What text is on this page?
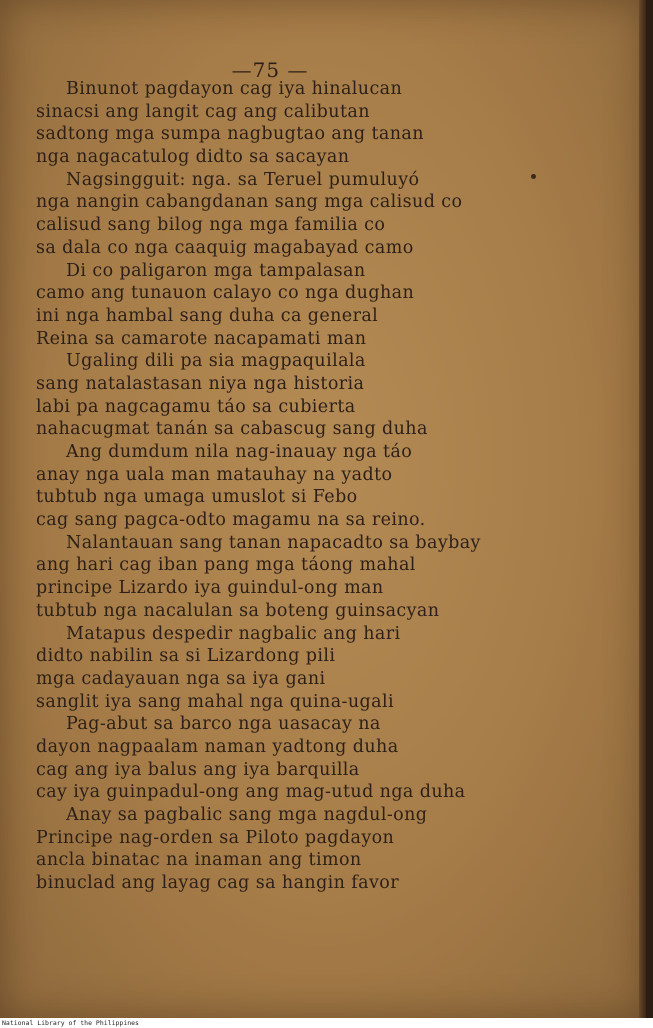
—75 —
Binunot pagdayon cag iya hinalucan
sinacsi ang langit cag ang calibutan
sadtong mga sumpa nagbugtao ang tanan
nga nagacatulog didto sa sacayan
Nagsingguit: nga. sa Teruel pumuluyó
nga nangin cabangdanan sang mga calisud co
calisud sang bilog nga mga familia co
sa dala co nga caaquig magabayad camo
Di co paligaron mga tampalasan
camo ang tunauon calayo co nga dughan
ini nga hambal sang duha ca general
Reina sa camarote nacapamati man
Ugaling dili pa sia magpaquilala
sang natalastasan niya nga historia
labi pa nagcagamu táo sa cubierta
nahacugmat tanán sa cabascug sang duha
Ang dumdum nila nag-inauay nga táo
anay nga uala man matauhay na yadto
tubtub nga umaga umuslot si Febo
cag sang pagca-odto magamu na sa reino.
Nalantauan sang tanan napacadto sa baybay
ang hari cag iban pang mga táong mahal
principe Lizardo iya guindul-ong man
tubtub nga nacalulan sa boteng guinsacyan
Matapus despedir nagbalic ang hari
didto nabilin sa si Lizardong pili
mga cadayauan nga sa iya gani
sanglit iya sang mahal nga quina-ugali
Pag-abut sa barco nga uasacay na
dayon nagpaalam naman yadtong duha
cag ang iya balus ang iya barquilla
cay iya guinpadul-ong ang mag-utud nga duha
Anay sa pagbalic sang mga nagdul-ong
Principe nag-orden sa Piloto pagdayon
ancla binatac na inaman ang timon
binuclad ang layag cag sa hangin favor
National Library of the Philippines
